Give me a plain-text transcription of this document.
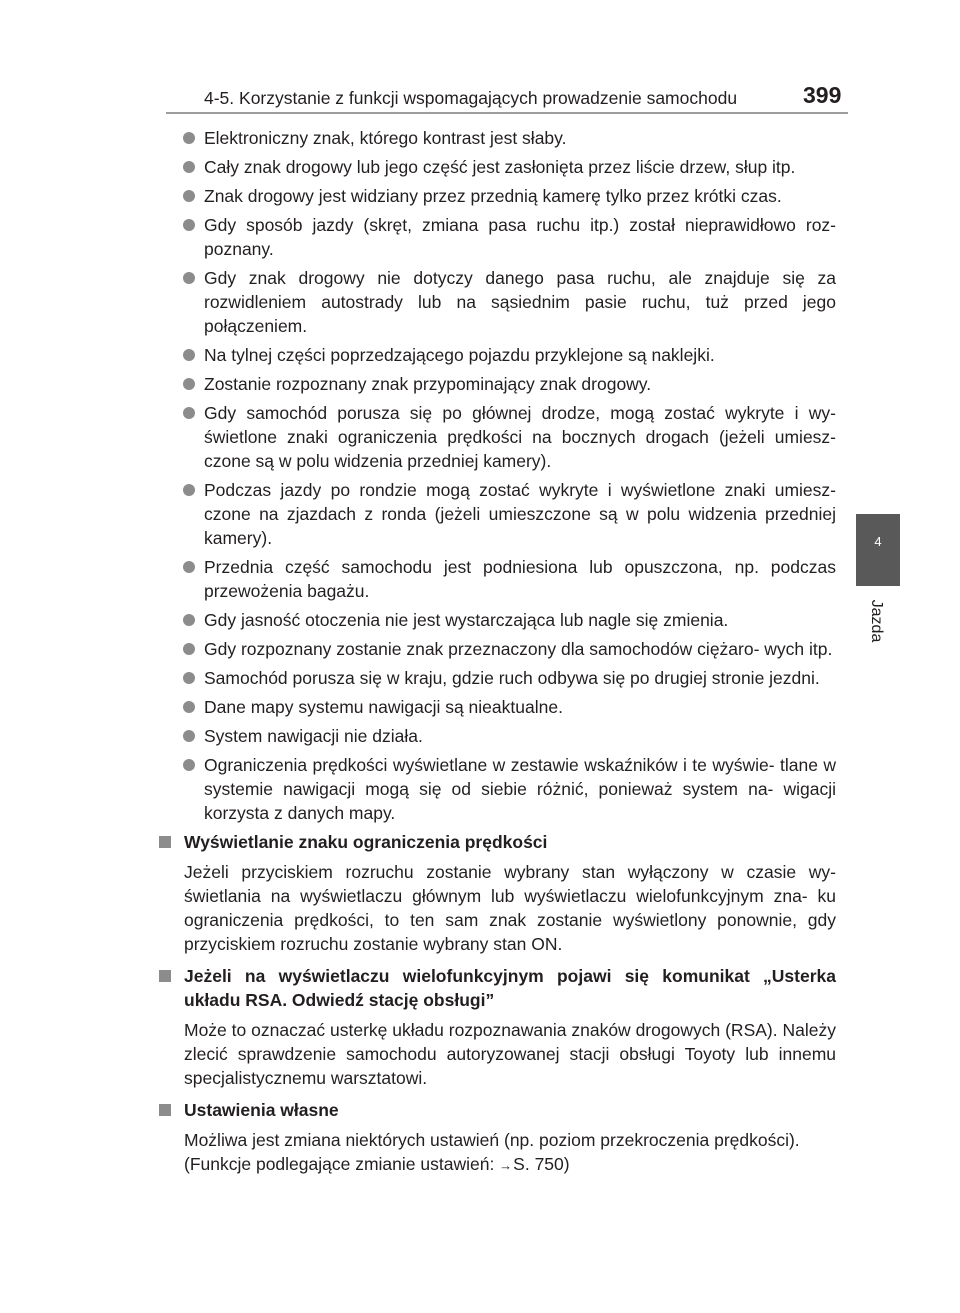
4-5. Korzystanie z funkcji wspomagających prowadzenie samochodu	399
4
Jazda
Elektroniczny znak, którego kontrast jest słaby.
Cały znak drogowy lub jego część jest zasłonięta przez liście drzew, słup itp.
Znak drogowy jest widziany przez przednią kamerę tylko przez krótki czas.
Gdy sposób jazdy (skręt, zmiana pasa ruchu itp.) został nieprawidłowo roz- poznany.
Gdy znak drogowy nie dotyczy danego pasa ruchu, ale znajduje się za rozwidleniem autostrady lub na sąsiednim pasie ruchu, tuż przed jego połączeniem.
Na tylnej części poprzedzającego pojazdu przyklejone są naklejki.
Zostanie rozpoznany znak przypominający znak drogowy.
Gdy samochód porusza się po głównej drodze, mogą zostać wykryte i wy- świetlone znaki ograniczenia prędkości na bocznych drogach (jeżeli umiesz- czone są w polu widzenia przedniej kamery).
Podczas jazdy po rondzie mogą zostać wykryte i wyświetlone znaki umiesz- czone na zjazdach z ronda (jeżeli umieszczone są w polu widzenia przedniej kamery).
Przednia część samochodu jest podniesiona lub opuszczona, np. podczas przewożenia bagażu.
Gdy jasność otoczenia nie jest wystarczająca lub nagle się zmienia.
Gdy rozpoznany zostanie znak przeznaczony dla samochodów ciężaro- wych itp.
Samochód porusza się w kraju, gdzie ruch odbywa się po drugiej stronie jezdni.
Dane mapy systemu nawigacji są nieaktualne.
System nawigacji nie działa.
Ograniczenia prędkości wyświetlane w zestawie wskaźników i te wyświe- tlane w systemie nawigacji mogą się od siebie różnić, ponieważ system na- wigacji korzysta z danych mapy.
Wyświetlanie znaku ograniczenia prędkości
Jeżeli przyciskiem rozruchu zostanie wybrany stan wyłączony w czasie wy- świetlania na wyświetlaczu głównym lub wyświetlaczu wielofunkcyjnym zna- ku ograniczenia prędkości, to ten sam znak zostanie wyświetlony ponownie, gdy przyciskiem rozruchu zostanie wybrany stan ON.
Jeżeli na wyświetlaczu wielofunkcyjnym pojawi się komunikat „Usterka układu RSA. Odwiedź stację obsługi”
Może to oznaczać usterkę układu rozpoznawania znaków drogowych (RSA). Należy zlecić sprawdzenie samochodu autoryzowanej stacji obsługi Toyoty lub innemu specjalistycznemu warsztatowi.
Ustawienia własne
Możliwa jest zmiana niektórych ustawień (np. poziom przekroczenia prędkości).
(Funkcje podlegające zmianie ustawień: →S. 750)
